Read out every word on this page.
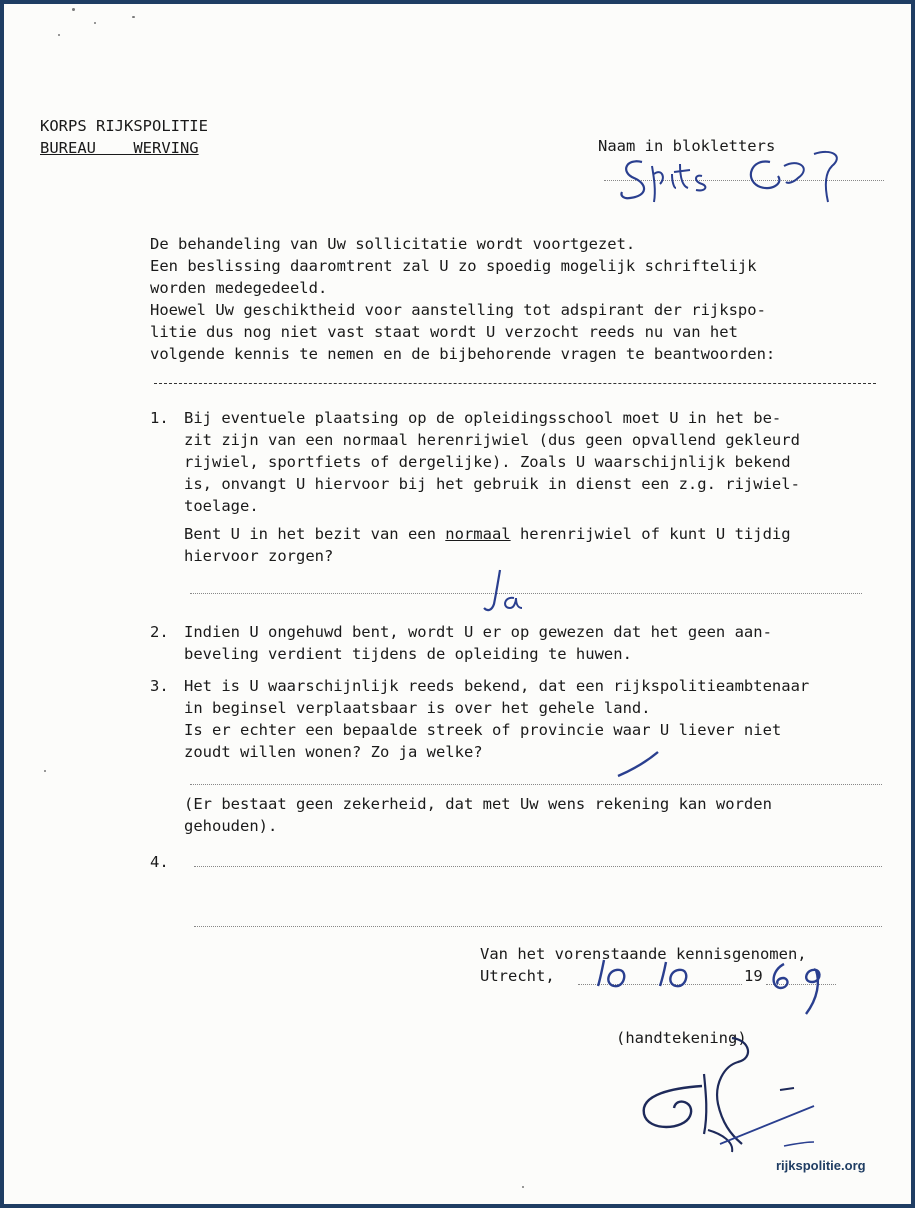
KORPS RIJKSPOLITIE
BUREAU    WERVING	Naam in blokletters
De behandeling van Uw sollicitatie wordt voortgezet.
Een beslissing daaromtrent zal U zo spoedig mogelijk schriftelijk
worden medegedeeld.
Hoewel Uw geschiktheid voor aanstelling tot adspirant der rijkspo-
litie dus nog niet vast staat wordt U verzocht reeds nu van het
volgende kennis te nemen en de bijbehorende vragen te beantwoorden:
1. Bij eventuele plaatsing op de opleidingsschool moet U in het be-
zit zijn van een normaal herenrijwiel (dus geen opvallend gekleurd
rijwiel, sportfiets of dergelijke). Zoals U waarschijnlijk bekend
is, onvangt U hiervoor bij het gebruik in dienst een z.g. rijwiel-
toelage.
Bent U in het bezit van een normaal herenrijwiel of kunt U tijdig
hiervoor zorgen?
2. Indien U ongehuwd bent, wordt U er op gewezen dat het geen aan-
beveling verdient tijdens de opleiding te huwen.
3. Het is U waarschijnlijk reeds bekend, dat een rijkspolitieambtenaar
in beginsel verplaatsbaar is over het gehele land.
Is er echter een bepaalde streek of provincie waar U liever niet
zoudt willen wonen? Zo ja welke?
(Er bestaat geen zekerheid, dat met Uw wens rekening kan worden
gehouden).
4.
Van het vorenstaande kennisgenomen,
Utrecht,	19
(handtekening)
rijkspolitie.org
